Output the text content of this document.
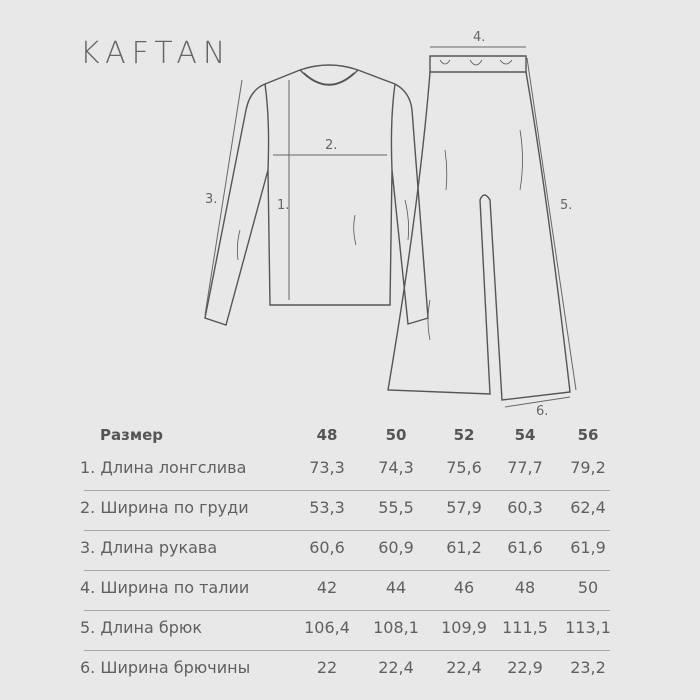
KAFTAN
1.
2.
3.
4.
5.
6.
Размер	48	50	52	54	56
1. Длина лонгслива	73,3	74,3	75,6	77,7	79,2
2. Ширина по груди	53,3	55,5	57,9	60,3	62,4
3. Длина рукава	60,6	60,9	61,2	61,6	61,9
4. Ширина по талии	42	44	46	48	50
5. Длина брюк	106,4	108,1	109,9 111,5	113,1
6. Ширина брючины	22	22,4	22,4	22,9	23,2
